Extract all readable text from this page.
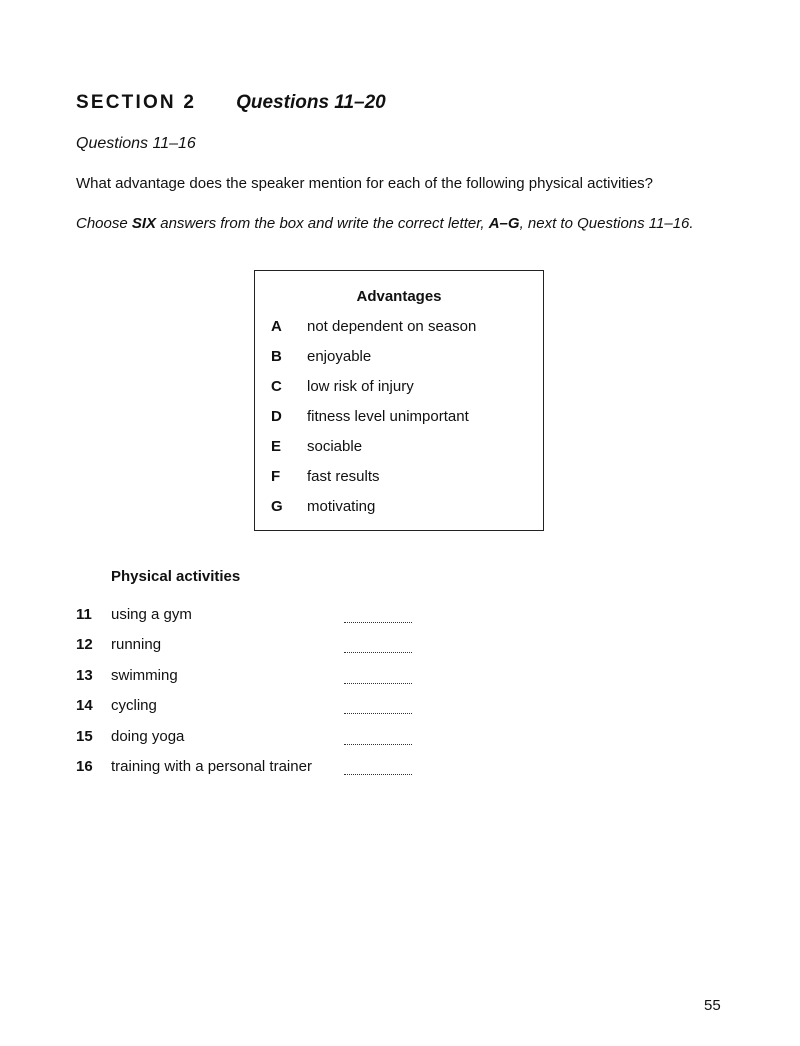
SECTION 2 Questions 11–20
Questions 11–16
What advantage does the speaker mention for each of the following physical activities?
Choose SIX answers from the box and write the correct letter, A–G, next to Questions 11–16.
Advantages
A	not dependent on season
B	enjoyable
C	low risk of injury
D	fitness level unimportant
E	sociable
F	fast results
G	motivating
Physical activities
11 using a gym
12 running
13 swimming
14 cycling
15 doing yoga
16 training with a personal trainer
55
